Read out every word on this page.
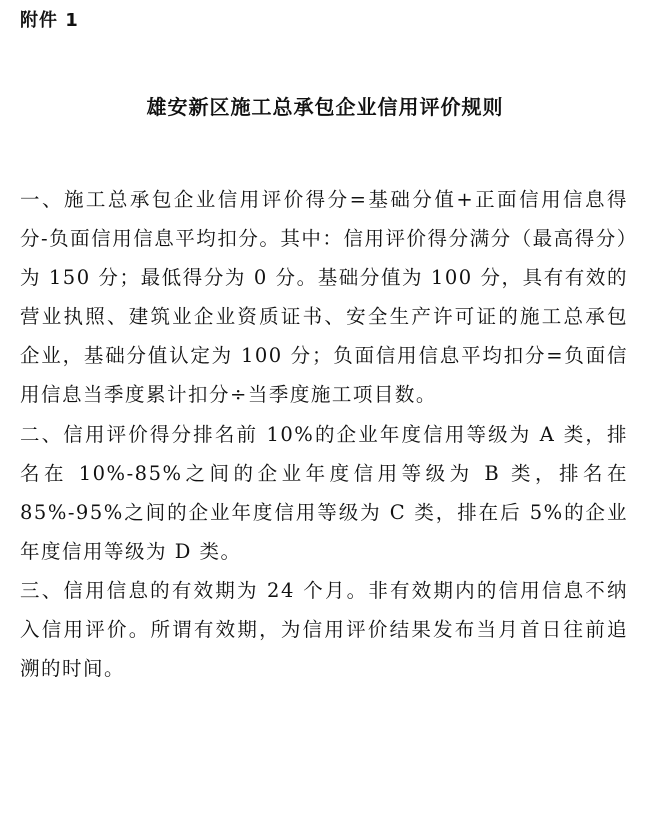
附件 1
雄安新区施工总承包企业信用评价规则

一、施工总承包企业信用评价得分=基础分值+正面信用信息得分-负面信用信息平均扣分。其中：信用评价得分满分（最高得分）为 150 分；最低得分为 0 分。基础分值为 100 分，具有有效的营业执照、建筑业企业资质证书、安全生产许可证的施工总承包企业，基础分值认定为 100 分；负面信用信息平均扣分=负面信用信息当季度累计扣分÷当季度施工项目数。

二、信用评价得分排名前 10%的企业年度信用等级为 A 类，排名在 10%-85%之间的企业年度信用等级为 B 类，排名在 85%-95%之间的企业年度信用等级为 C 类，排在后 5%的企业年度信用等级为 D 类。

三、信用信息的有效期为 24 个月。非有效期内的信用信息不纳入信用评价。所谓有效期，为信用评价结果发布当月首日往前追溯的时间。
